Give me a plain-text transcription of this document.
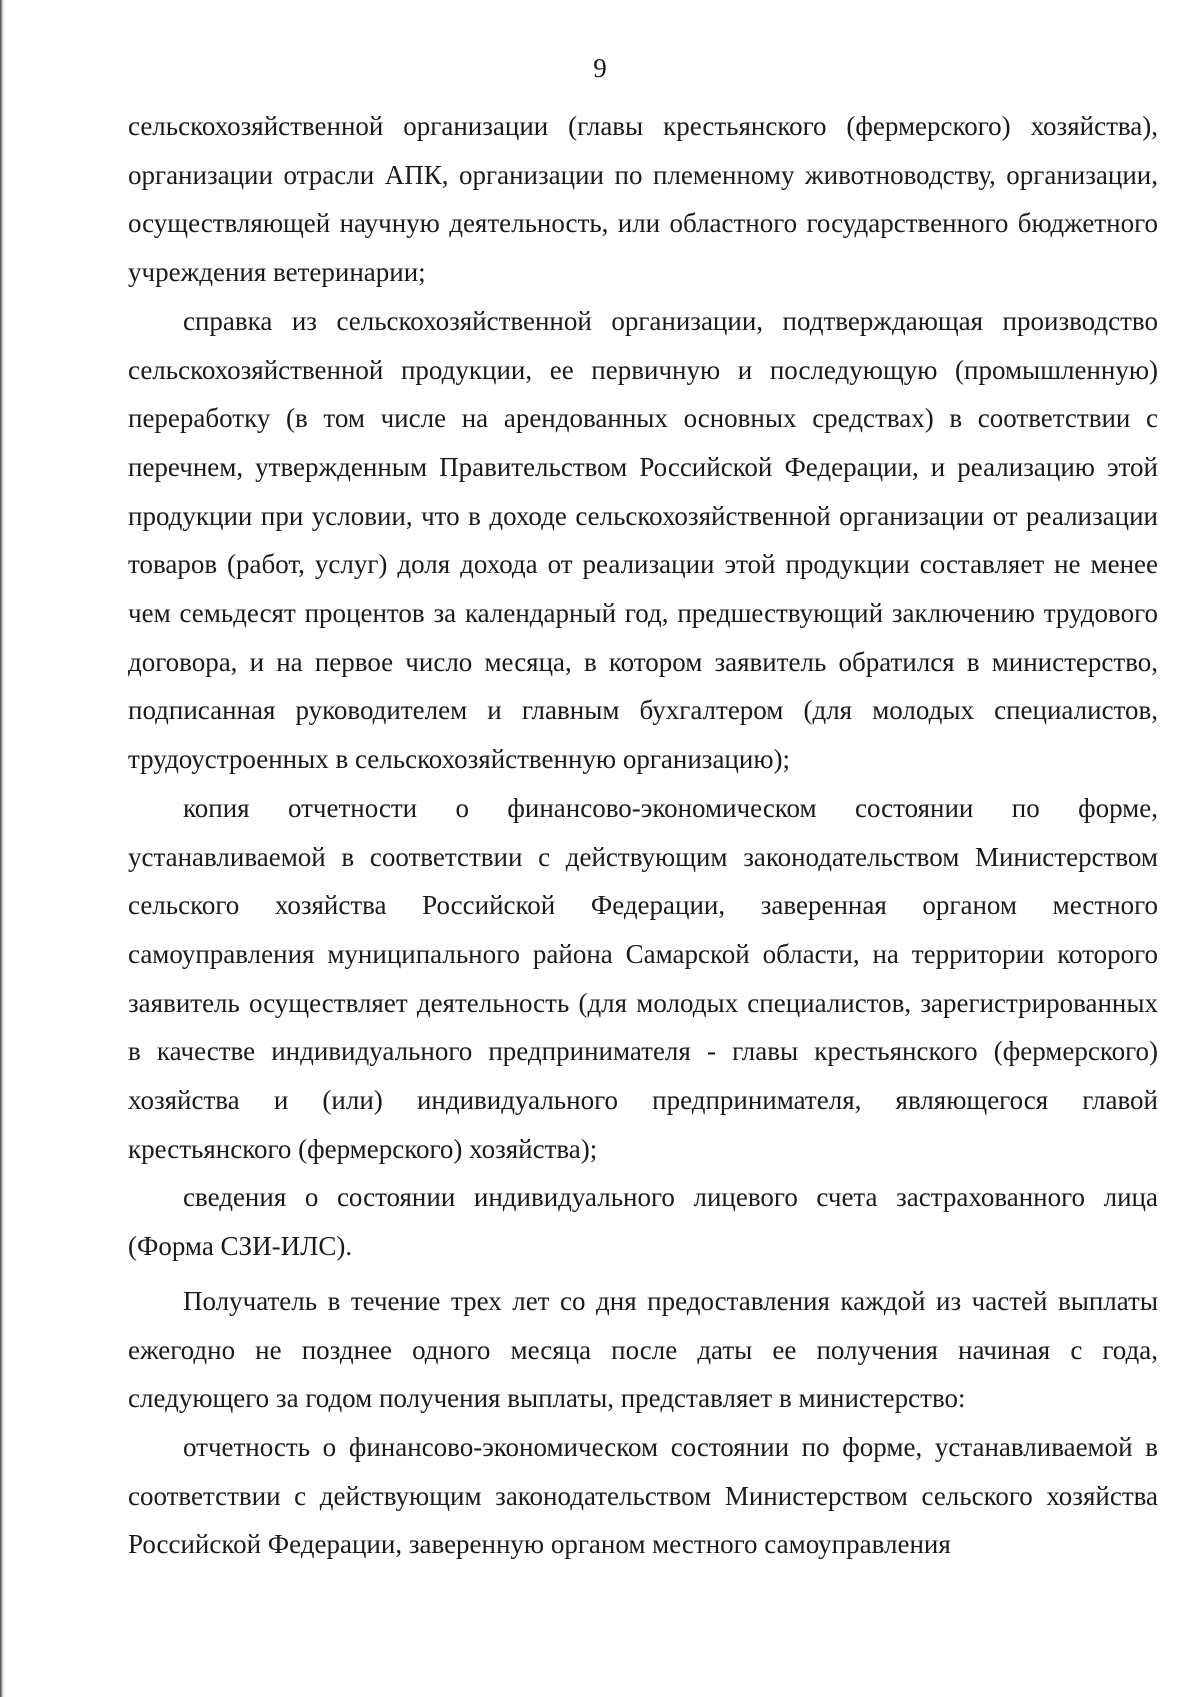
9

сельскохозяйственной организации (главы крестьянского (фермерского) хозяйства), организации отрасли АПК, организации по племенному животноводству, организации, осуществляющей научную деятельность, или областного государственного бюджетного учреждения ветеринарии;

справка из сельскохозяйственной организации, подтверждающая производство сельскохозяйственной продукции, ее первичную и последующую (промышленную) переработку (в том числе на арендованных основных средствах) в соответствии с перечнем, утвержденным Правительством Российской Федерации, и реализацию этой продукции при условии, что в доходе сельскохозяйственной организации от реализации товаров (работ, услуг) доля дохода от реализации этой продукции составляет не менее чем семьдесят процентов за календарный год, предшествующий заключению трудового договора, и на первое число месяца, в котором заявитель обратился в министерство, подписанная руководителем и главным бухгалтером (для молодых специалистов, трудоустроенных в сельскохозяйственную организацию);

копия отчетности о финансово-экономическом состоянии по форме, устанавливаемой в соответствии с действующим законодательством Министерством сельского хозяйства Российской Федерации, заверенная органом местного самоуправления муниципального района Самарской области, на территории которого заявитель осуществляет деятельность (для молодых специалистов, зарегистрированных в качестве индивидуального предпринимателя - главы крестьянского (фермерского) хозяйства и (или) индивидуального предпринимателя, являющегося главой крестьянского (фермерского) хозяйства);

сведения о состоянии индивидуального лицевого счета застрахованного лица (Форма СЗИ-ИЛС).

Получатель в течение трех лет со дня предоставления каждой из частей выплаты ежегодно не позднее одного месяца после даты ее получения начиная с года, следующего за годом получения выплаты, представляет в министерство:

отчетность о финансово-экономическом состоянии по форме, устанавливаемой в соответствии с действующим законодательством Министерством сельского хозяйства Российской Федерации, заверенную органом местного самоуправления
